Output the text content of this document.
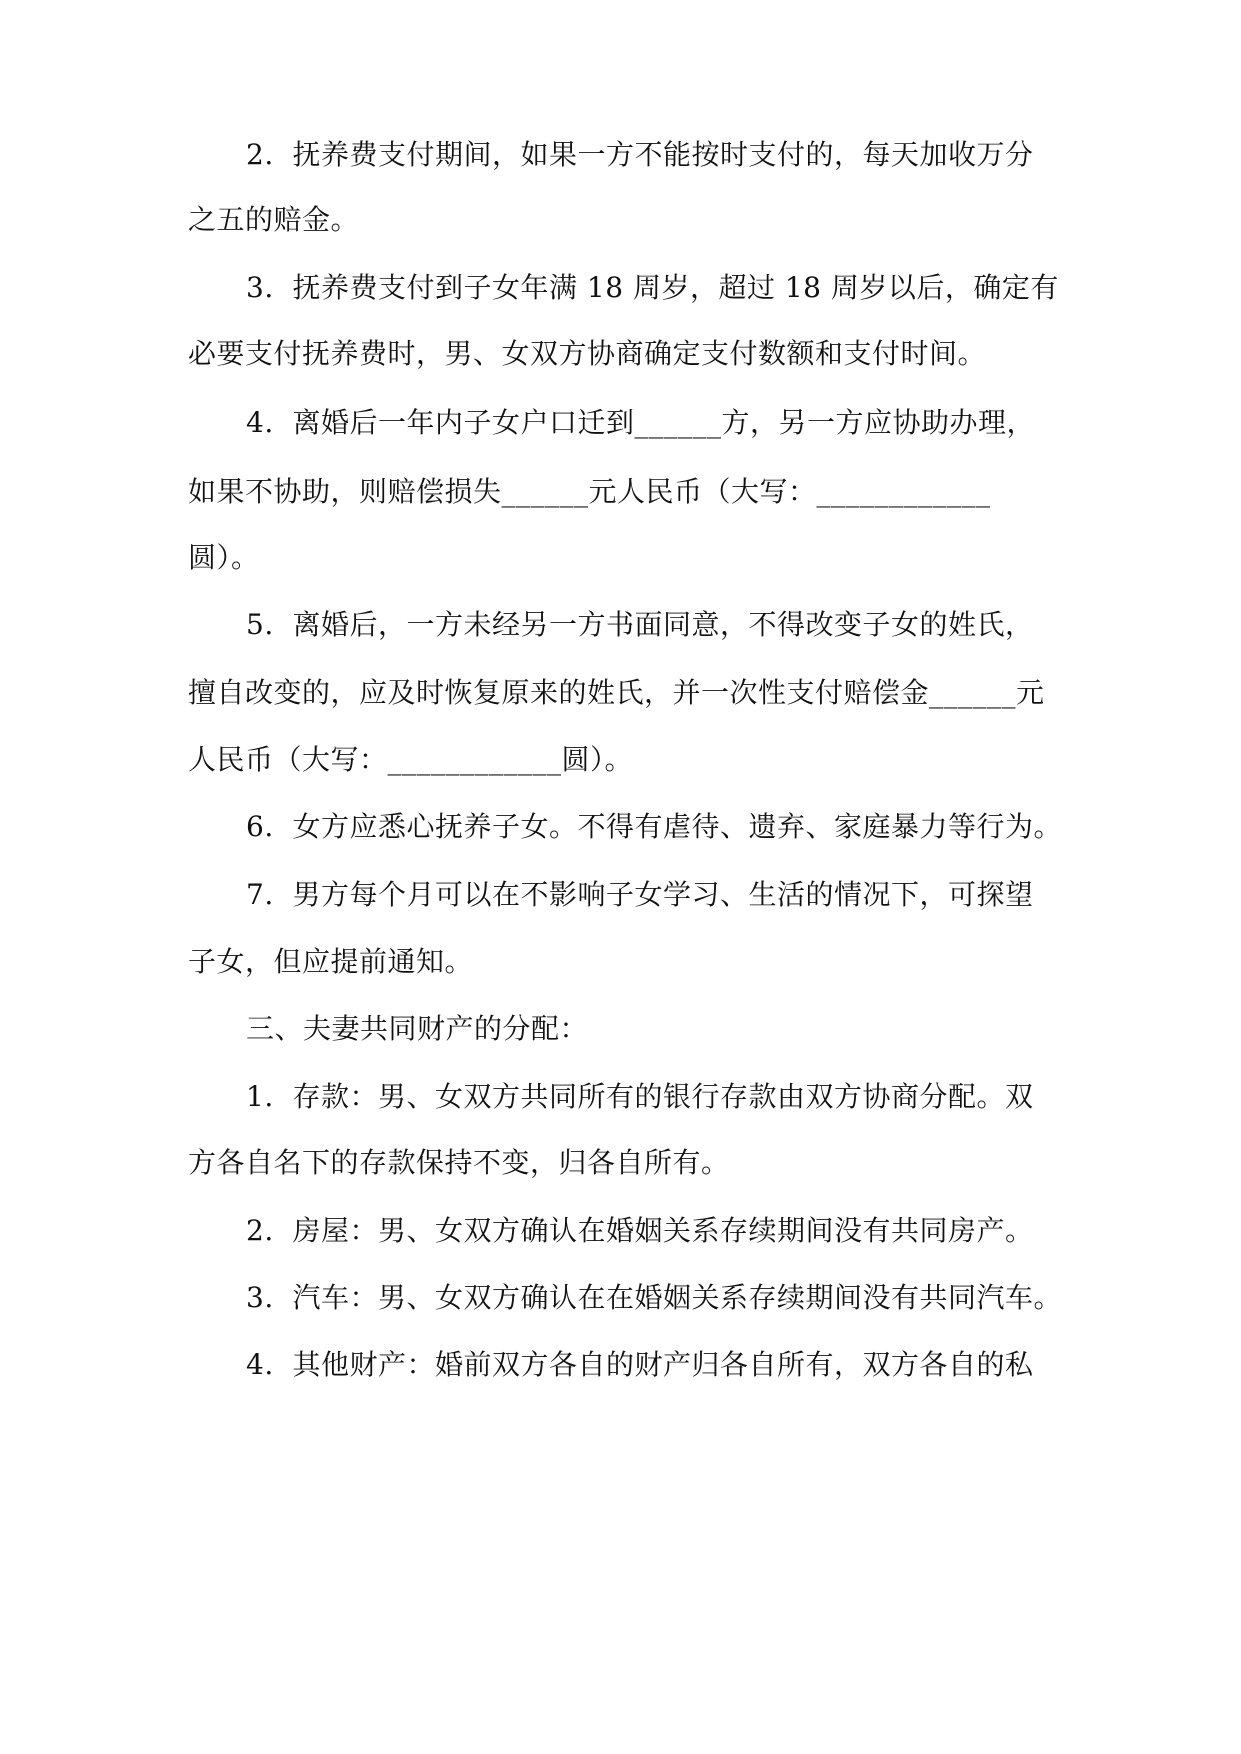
2.  抚养费支付期间，如果一方不能按时支付的，每天加收万分
之五的赔金。
3.  抚养费支付到子女年满 18 周岁，超过 18 周岁以后，确定有
必要支付抚养费时，男、女双方协商确定支付数额和支付时间。
4.  离婚后一年内子女户口迁到______方，另一方应协助办理，
如果不协助，则赔偿损失______元人民币（大写：____________
圆）。
5.  离婚后，一方未经另一方书面同意，不得改变子女的姓氏，
擅自改变的，应及时恢复原来的姓氏，并一次性支付赔偿金______元
人民币（大写：____________圆）。
6.  女方应悉心抚养子女。不得有虐待、遗弃、家庭暴力等行为。
7.  男方每个月可以在不影响子女学习、生活的情况下，可探望
子女，但应提前通知。
三、夫妻共同财产的分配：
1.  存款：男、女双方共同所有的银行存款由双方协商分配。双
方各自名下的存款保持不变，归各自所有。
2.  房屋：男、女双方确认在婚姻关系存续期间没有共同房产。
3.  汽车：男、女双方确认在在婚姻关系存续期间没有共同汽车。
4.  其他财产：婚前双方各自的财产归各自所有，双方各自的私
